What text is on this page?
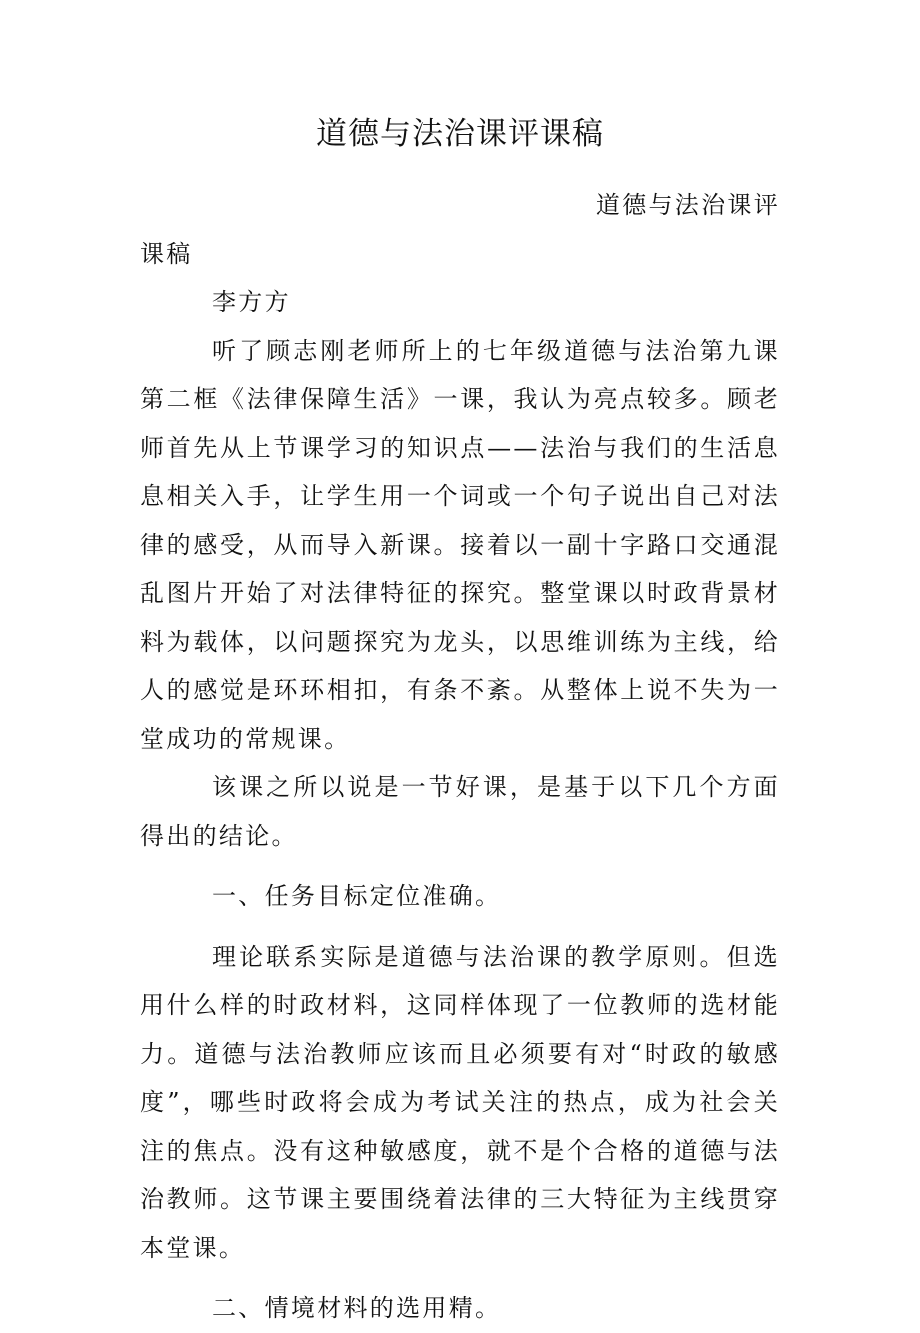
道德与法治课评课稿

道德与法治课评

课稿

李方方

听了顾志刚老师所上的七年级道德与法治第九课第二框《法律保障生活》一课，我认为亮点较多。顾老师首先从上节课学习的知识点——法治与我们的生活息息相关入手，让学生用一个词或一个句子说出自己对法律的感受，从而导入新课。接着以一副十字路口交通混乱图片开始了对法律特征的探究。整堂课以时政背景材料为载体，以问题探究为龙头，以思维训练为主线，给人的感觉是环环相扣，有条不紊。从整体上说不失为一堂成功的常规课。

该课之所以说是一节好课，是基于以下几个方面得出的结论。

一、任务目标定位准确。

理论联系实际是道德与法治课的教学原则。但选用什么样的时政材料，这同样体现了一位教师的选材能力。道德与法治教师应该而且必须要有对“时政的敏感度”，哪些时政将会成为考试关注的热点，成为社会关注的焦点。没有这种敏感度，就不是个合格的道德与法治教师。这节课主要围绕着法律的三大特征为主线贯穿本堂课。

二、情境材料的选用精。
